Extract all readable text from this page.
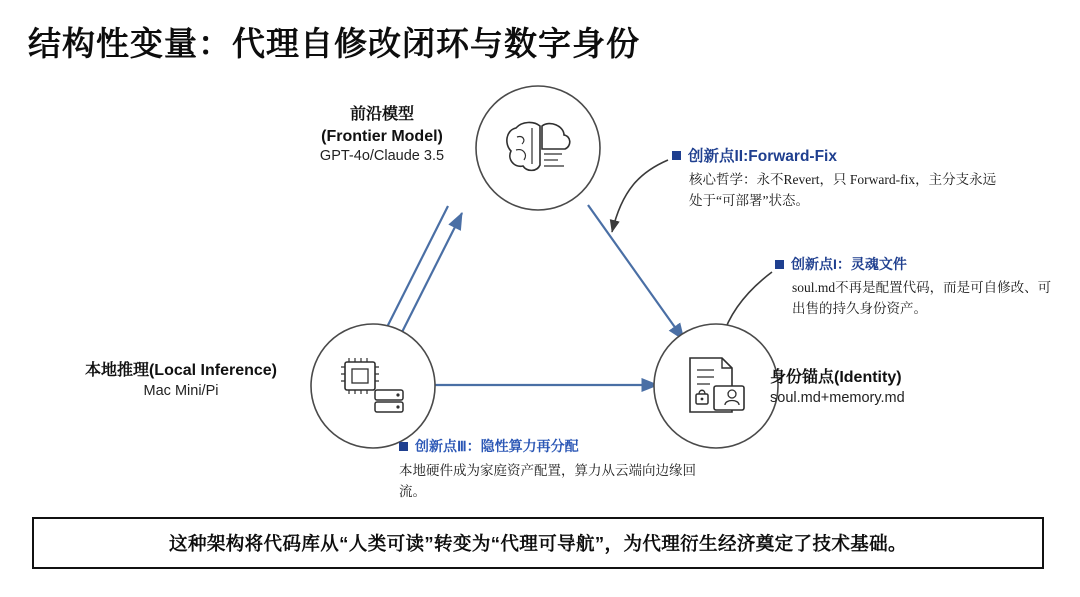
结构性变量：代理自修改闭环与数字身份
前沿模型
(Frontier Model)
GPT-4o/Claude 3.5
本地推理(Local Inference)
Mac Mini/Pi
身份锚点(Identity)
soul.md+memory.md
创新点II:Forward-Fix
核心哲学：永不Revert，只 Forward-fix，主分支永远处于“可部署”状态。
创新点I： 灵魂文件
soul.md不再是配置代码，而是可自修改、可出售的持久身份资产。
创新点Ⅲ：隐性算力再分配
本地硬件成为家庭资产配置，算力从云端向边缘回流。
这种架构将代码库从“人类可读”转变为“代理可导航”，为代理衍生经济奠定了技术基础。
